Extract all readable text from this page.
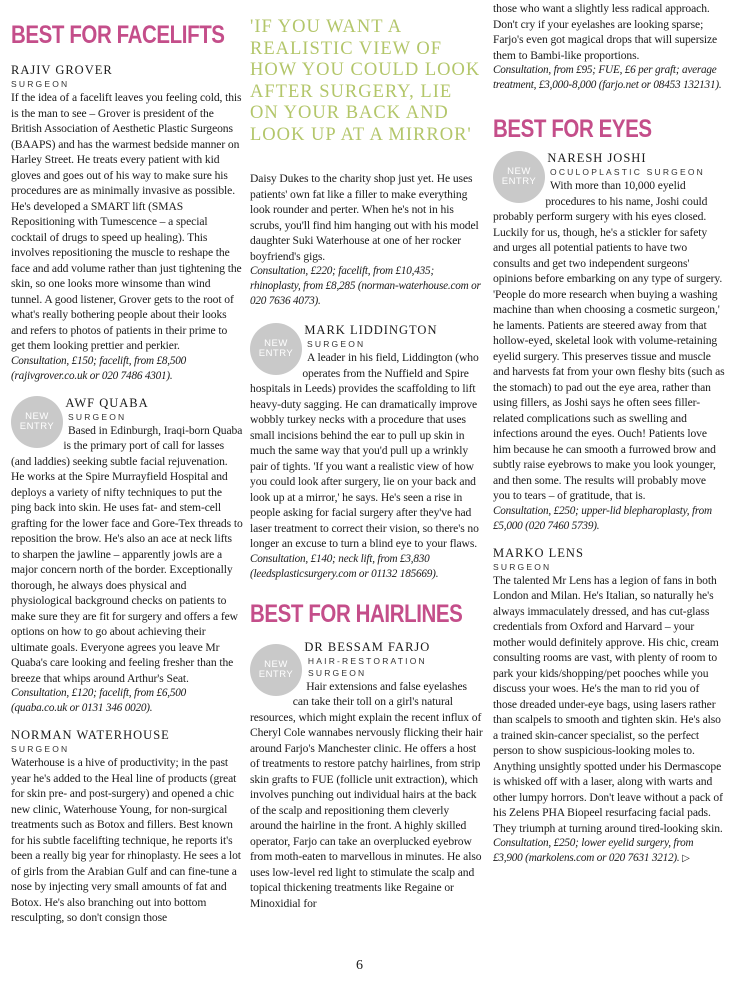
BEST FOR FACELIFTS

RAJIV GROVER

SURGEON

If the idea of a facelift leaves you feeling cold, this is the man to see – Grover is president of the British Association of Aesthetic Plastic Surgeons (BAAPS) and has the warmest bedside manner on Harley Street. He treats every patient with kid gloves and goes out of his way to make sure his procedures are as minimally invasive as possible. He's developed a SMART lift (SMAS Repositioning with Tumescence – a special cocktail of drugs to speed up healing). This involves repositioning the muscle to reshape the face and add volume rather than just tightening the skin, so one looks more winsome than wind tunnel. A good listener, Grover gets to the root of what's really bothering people about their looks and refers to photos of patients in their prime to get them looking prettier and perkier.

Consultation, £150; facelift, from £8,500 (rajivgrover.co.uk or 020 7486 4301).

NEW
ENTRY

AWF QUABA

SURGEON

Based in Edinburgh, Iraqi-born Quaba is the primary port of call for lasses (and laddies) seeking subtle facial rejuvenation. He works at the Spire Murrayfield Hospital and deploys a variety of nifty techniques to put the ping back into skin. He uses fat- and stem-cell grafting for the lower face and Gore-Tex threads to reposition the brow. He's also an ace at neck lifts to sharpen the jawline – apparently jowls are a major concern north of the border. Exceptionally thorough, he always does physical and physiological background checks on patients to make sure they are fit for surgery and offers a few options on how to go about achieving their ultimate goals. Everyone agrees you leave Mr Quaba's care looking and feeling fresher than the breeze that whips around Arthur's Seat.

Consultation, £120; facelift, from £6,500 (quaba.co.uk or 0131 346 0020).

NORMAN WATERHOUSE

SURGEON

Waterhouse is a hive of productivity; in the past year he's added to the Heal line of products (great for skin pre- and post-surgery) and opened a chic new clinic, Waterhouse Young, for non-surgical treatments such as Botox and fillers. Best known for his subtle facelifting technique, he reports it's been a really big year for rhinoplasty. He sees a lot of girls from the Arabian Gulf and can fine-tune a nose by injecting very small amounts of fat and Botox. He's also branching out into bottom resculpting, so don't consign those

'IF YOU WANT A REALISTIC VIEW OF HOW YOU COULD LOOK AFTER SURGERY, LIE ON YOUR BACK AND LOOK UP AT A MIRROR'

Daisy Dukes to the charity shop just yet. He uses patients' own fat like a filler to make everything look rounder and perter. When he's not in his scrubs, you'll find him hanging out with his model daughter Suki Waterhouse at one of her rocker boyfriend's gigs.

Consultation, £220; facelift, from £10,435; rhinoplasty, from £8,285 (norman-waterhouse.com or 020 7636 4073).

NEW
ENTRY

MARK LIDDINGTON

SURGEON

A leader in his field, Liddington (who operates from the Nuffield and Spire hospitals in Leeds) provides the scaffolding to lift heavy-duty sagging. He can dramatically improve wobbly turkey necks with a procedure that uses small incisions behind the ear to pull up skin in much the same way that you'd pull up a wrinkly pair of tights. 'If you want a realistic view of how you could look after surgery, lie on your back and look up at a mirror,' he says. He's seen a rise in people asking for facial surgery after they've had laser treatment to correct their vision, so there's no longer an excuse to turn a blind eye to your flaws.

Consultation, £140; neck lift, from £3,830 (leedsplasticsurgery.com or 01132 185669).

BEST FOR HAIRLINES
NEW
ENTRY

DR BESSAM FARJO

HAIR-RESTORATION

SURGEON

Hair extensions and false eyelashes can take their toll on a girl's natural resources, which might explain the recent influx of Cheryl Cole wannabes nervously flicking their hair around Farjo's Manchester clinic. He offers a host of treatments to restore patchy hairlines, from strip skin grafts to FUE (follicle unit extraction), which involves punching out individual hairs at the back of the scalp and repositioning them cleverly around the hairline in the front. A highly skilled operator, Farjo can take an overplucked eyebrow from moth-eaten to marvellous in minutes. He also uses low-level red light to stimulate the scalp and topical thickening treatments like Regaine or Minoxidial for

those who want a slightly less radical approach. Don't cry if your eyelashes are looking sparse; Farjo's even got magical drops that will supersize them to Bambi-like proportions.

Consultation, from £95; FUE, £6 per graft; average treatment, £3,000-8,000 (farjo.net or 08453 132131).

BEST FOR EYES
NEW
ENTRY

NARESH JOSHI

OCULOPLASTIC SURGEON

With more than 10,000 eyelid procedures to his name, Joshi could probably perform surgery with his eyes closed. Luckily for us, though, he's a stickler for safety and urges all potential patients to have two consults and get two independent surgeons' opinions before embarking on any type of surgery. 'People do more research when buying a washing machine than when choosing a cosmetic surgeon,' he laments. Patients are steered away from that hollow-eyed, skeletal look with volume-retaining eyelid surgery. This preserves tissue and muscle and harvests fat from your own fleshy bits (such as the stomach) to pad out the eye area, rather than using fillers, as Joshi says he often sees filler-related complications such as swelling and infections around the eyes. Ouch! Patients love him because he can smooth a furrowed brow and subtly raise eyebrows to make you look younger, and then some. The results will probably move you to tears – of gratitude, that is.

Consultation, £250; upper-lid blepharoplasty, from £5,000 (020 7460 5739).

MARKO LENS

SURGEON

The talented Mr Lens has a legion of fans in both London and Milan. He's Italian, so naturally he's always immaculately dressed, and has cut-glass credentials from Oxford and Harvard – your mother would definitely approve. His chic, cream consulting rooms are vast, with plenty of room to park your kids/shopping/pet pooches while you discuss your woes. He's the man to rid you of those dreaded under-eye bags, using lasers rather than scalpels to smooth and tighten skin. He's also a trained skin-cancer specialist, so the perfect person to show suspicious-looking moles to. Anything unsightly spotted under his Dermascope is whisked off with a laser, along with warts and other lumpy horrors. Don't leave without a pack of his Zelens PHA Biopeel resurfacing facial pads. They triumph at turning around tired-looking skin.

Consultation, £250; lower eyelid surgery, from £3,900 (markolens.com or 020 7631 3212). ▷

6
